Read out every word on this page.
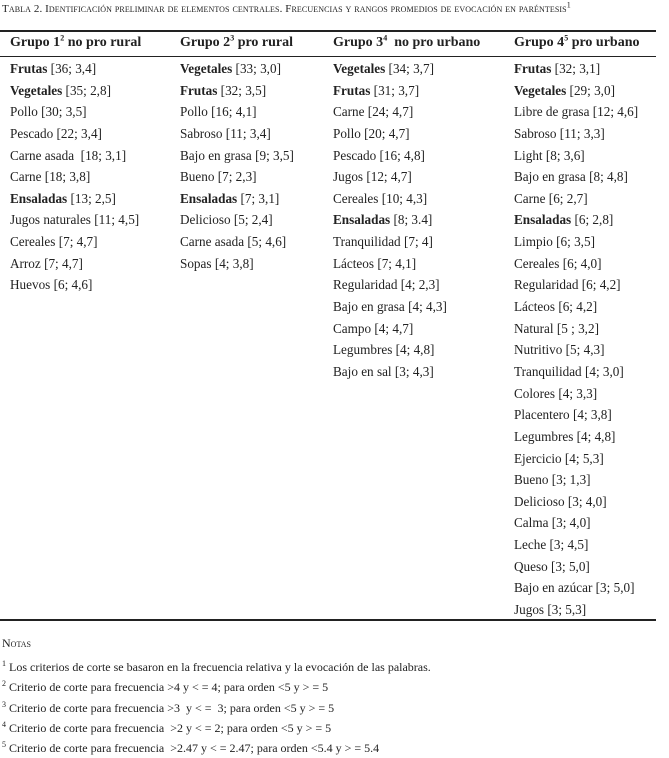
Tabla 2. Identificación preliminar de elementos centrales. Frecuencias y rangos promedios de evocación en paréntesis$^1$
Grupo $1^2$ no pro rural
Frutas [36; 3,4]
Vegetales [35; 2,8]
Pollo [30; 3,5]
Pescado [22; 3,4]
Carne asada  [18; 3,1]
Carne [18; 3,8]
Ensaladas [13; 2,5]
Jugos naturales [11; 4,5]
Cereales [7; 4,7]
Arroz [7; 4,7]
Huevos [6; 4,6]
Grupo $2^3$ pro rural
Vegetales [33; 3,0]
Frutas [32; 3,5]
Pollo [16; 4,1]
Sabroso [11; 3,4]
Bajo en grasa [9; 3,5]
Bueno [7; 2,3]
Ensaladas [7; 3,1]
Delicioso [5; 2,4]
Carne asada [5; 4,6]
Sopas [4; 3,8]
Grupo $3^4$  no pro urbano
Vegetales [34; 3,7]
Frutas [31; 3,7]
Carne [24; 4,7]
Pollo [20; 4,7]
Pescado [16; 4,8]
Jugos [12; 4,7]
Cereales [10; 4,3]
Ensaladas [8; 3.4]
Tranquilidad [7; 4]
Lácteos [7; 4,1]
Regularidad [4; 2,3]
Bajo en grasa [4; 4,3]
Campo [4; 4,7]
Legumbres [4; 4,8]
Bajo en sal [3; 4,3]
Grupo $4^5$ pro urbano
Frutas [32; 3,1]
Vegetales [29; 3,0]
Libre de grasa [12; 4,6]
Sabroso [11; 3,3]
Light [8; 3,6]
Bajo en grasa [8; 4,8]
Carne [6; 2,7]
Ensaladas [6; 2,8]
Limpio [6; 3,5]
Cereales [6; 4,0]
Regularidad [6; 4,2]
Lácteos [6; 4,2]
Natural [5 ; 3,2]
Nutritivo [5; 4,3]
Tranquilidad [4; 3,0]
Colores [4; 3,3]
Placentero [4; 3,8]
Legumbres [4; 4,8]
Ejercicio [4; 5,3]
Bueno [3; 1,3]
Delicioso [3; 4,0]
Calma [3; 4,0]
Leche [3; 4,5]
Queso [3; 5,0]
Bajo en azúcar [3; 5,0]
Jugos [3; 5,3]
Notas
$^1$ Los criterios de corte se basaron en la frecuencia relativa y la evocación de las palabras.
$^2$ Criterio de corte para frecuencia >4 y < = 4; para orden <5 y > = 5
$^3$ Criterio de corte para frecuencia >3  y < =  3; para orden <5 y > = 5
$^4$ Criterio de corte para frecuencia  >2 y < = 2; para orden <5 y > = 5
$^5$ Criterio de corte para frecuencia  >2.47 y < = 2.47; para orden <5.4 y > = 5.4
